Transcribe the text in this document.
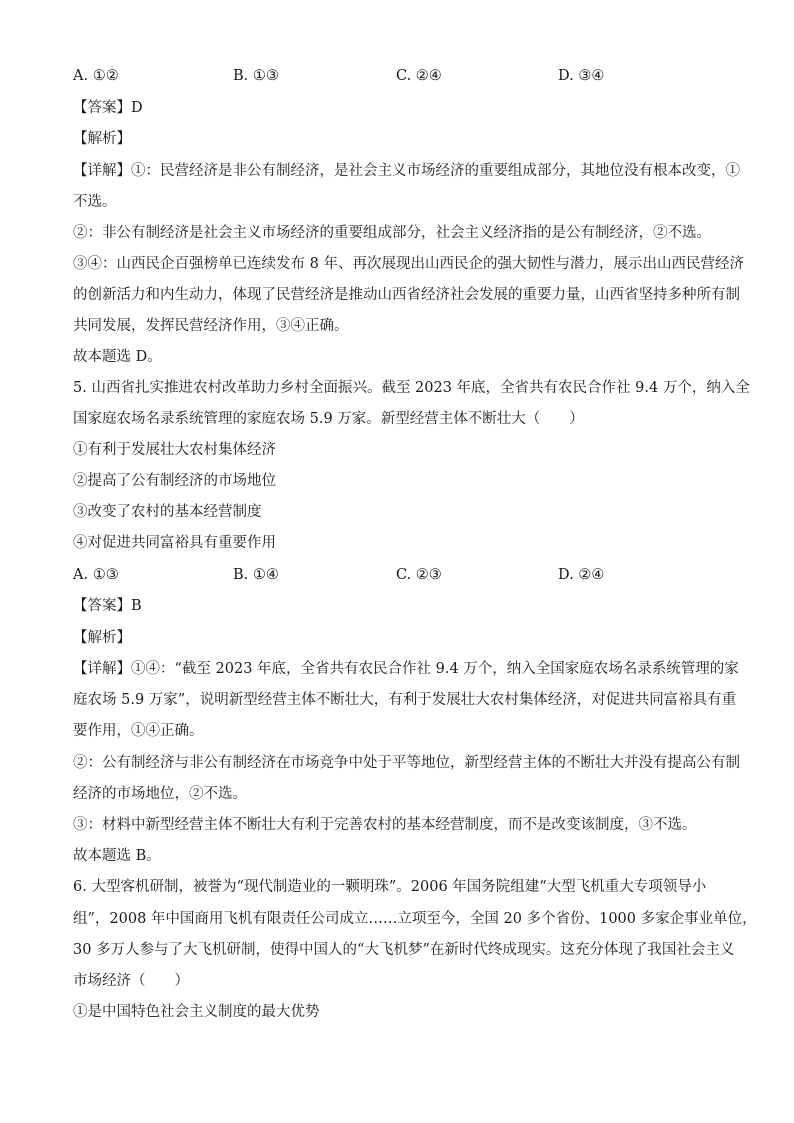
A. ①②	B. ①③	C. ②④	D. ③④
【答案】D
【解析】
【详解】①：民营经济是非公有制经济，是社会主义市场经济的重要组成部分，其地位没有根本改变，①
不选。
②：非公有制经济是社会主义市场经济的重要组成部分，社会主义经济指的是公有制经济，②不选。
③④：山西民企百强榜单已连续发布 8 年、再次展现出山西民企的强大韧性与潜力，展示出山西民营经济
的创新活力和内生动力，体现了民营经济是推动山西省经济社会发展的重要力量，山西省坚持多种所有制
共同发展，发挥民营经济作用，③④正确。
故本题选 D。
5. 山西省扎实推进农村改革助力乡村全面振兴。截至 2023 年底，全省共有农民合作社 9.4 万个，纳入全
国家庭农场名录系统管理的家庭农场 5.9 万家。新型经营主体不断壮大（　　）
①有利于发展壮大农村集体经济
②提高了公有制经济的市场地位
③改变了农村的基本经营制度
④对促进共同富裕具有重要作用
A. ①③	B. ①④	C. ②③	D. ②④
【答案】B
【解析】
【详解】①④：“截至 2023 年底，全省共有农民合作社 9.4 万个，纳入全国家庭农场名录系统管理的家
庭农场 5.9 万家”，说明新型经营主体不断壮大，有利于发展壮大农村集体经济，对促进共同富裕具有重
要作用，①④正确。
②：公有制经济与非公有制经济在市场竞争中处于平等地位，新型经营主体的不断壮大并没有提高公有制
经济的市场地位，②不选。
③：材料中新型经营主体不断壮大有利于完善农村的基本经营制度，而不是改变该制度，③不选。
故本题选 B。
6. 大型客机研制，被誉为“现代制造业的一颗明珠”。2006 年国务院组建“大型飞机重大专项领导小
组”，2008 年中国商用飞机有限责任公司成立……立项至今，全国 20 多个省份、1000 多家企事业单位，
30 多万人参与了大飞机研制，使得中国人的“大飞机梦”在新时代终成现实。这充分体现了我国社会主义
市场经济（　　）
①是中国特色社会主义制度的最大优势
